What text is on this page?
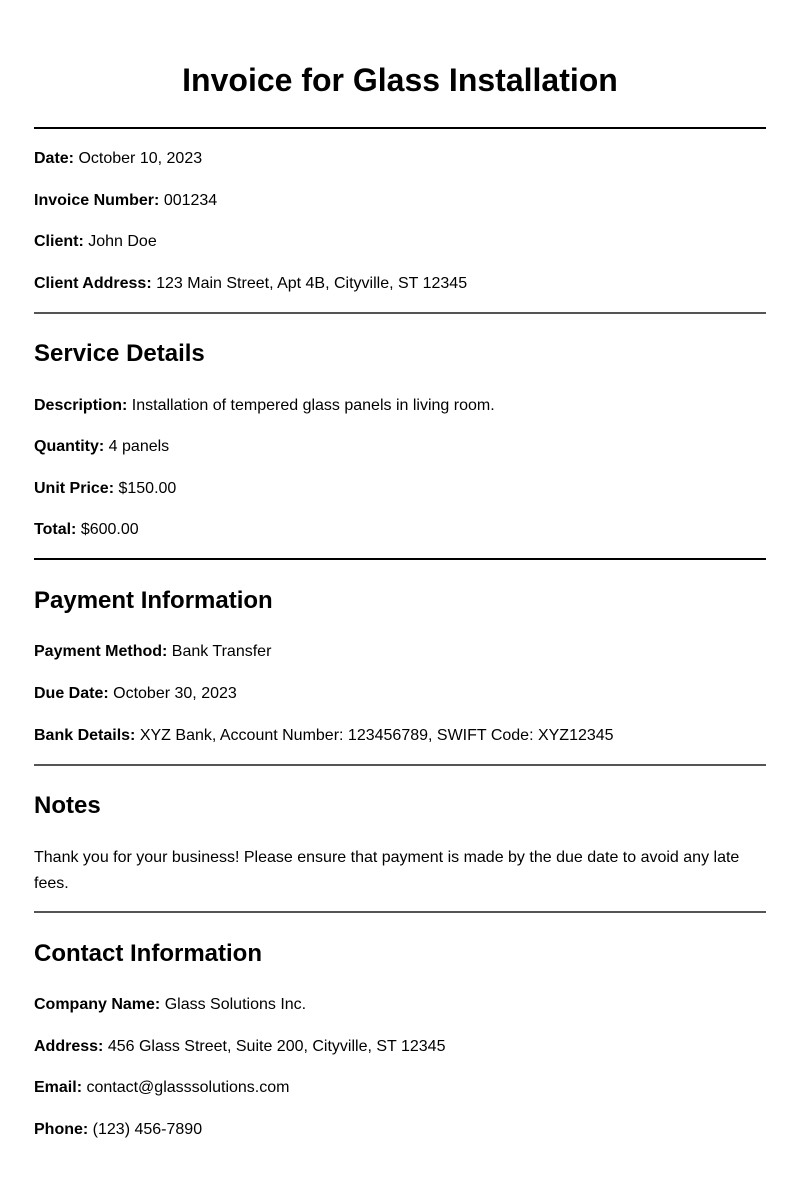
Invoice for Glass Installation

Date: October 10, 2023

Invoice Number: 001234

Client: John Doe

Client Address: 123 Main Street, Apt 4B, Cityville, ST 12345

Service Details

Description: Installation of tempered glass panels in living room.

Quantity: 4 panels

Unit Price: $150.00

Total: $600.00

Payment Information

Payment Method: Bank Transfer

Due Date: October 30, 2023

Bank Details: XYZ Bank, Account Number: 123456789, SWIFT Code: XYZ12345

Notes

Thank you for your business! Please ensure that payment is made by the due date to avoid any late fees.

Contact Information

Company Name: Glass Solutions Inc.

Address: 456 Glass Street, Suite 200, Cityville, ST 12345

Email: contact@glasssolutions.com

Phone: (123) 456-7890
